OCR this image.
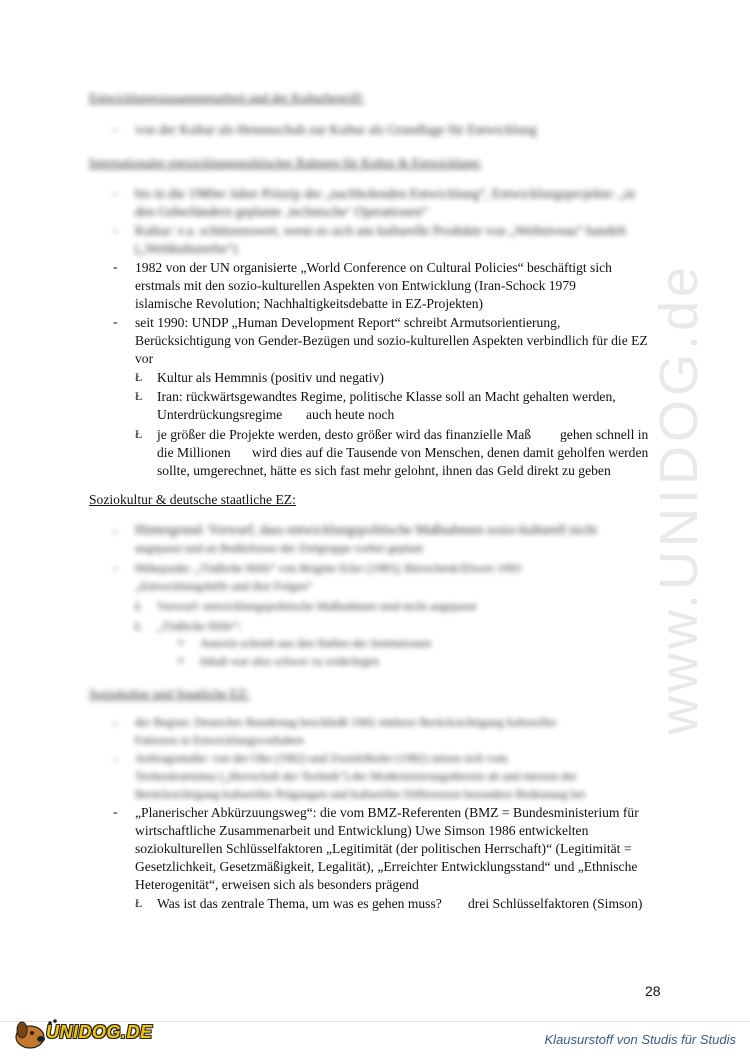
www.UNIDOG.de
Entwicklungszusammenarbeit und der Kulturbegriff:
- von der Kultur als Hemmschuh zur Kultur als Grundlage für Entwicklung
Internationaler entwicklungspolitischer Rahmen für Kultur & Entwicklung:
- bis in die 1980er Jahre Prinzip der „nachholenden Entwicklung“, Entwicklungsprojekte: „in
den Geberländern geplante ‚technische‘ Operationen“
- Kultur: v.a. schützenswert, wenn es sich um kulturelle Produkte von „Weltniveau“ handelt
(„Weltkulturerbe“)
- 1982 von der UN organisierte „World Conference on Cultural Policies“ beschäftigt sich
erstmals mit den sozio-kulturellen Aspekten von Entwicklung (Iran-Schock 1979
islamische Revolution; Nachhaltigkeitsdebatte in EZ-Projekten)
- seit 1990: UNDP „Human Development Report“ schreibt Armutsorientierung,
Berücksichtigung von Gender-Bezügen und sozio-kulturellen Aspekten verbindlich für die EZ
vor
Ł Kultur als Hemmnis (positiv und negativ)
Ł Iran: rückwärtsgewandtes Regime, politische Klasse soll an Macht gehalten werden,
Unterdrückungsregime auch heute noch
Ł je größer die Projekte werden, desto größer wird das finanzielle Maß gehen schnell in
die Millionen wird dies auf die Tausende von Menschen, denen damit geholfen werden
sollte, umgerechnet, hätte es sich fast mehr gelohnt, ihnen das Geld direkt zu geben
Soziokultur & deutsche staatliche EZ:
- Hintergrund: Vorwurf, dass entwicklungspolitische Maßnahmen sozio-kulturell nicht
angepasst und an Bedürfnisse der Zielgruppe vorbei geplant
- Höhepunkt: „Tödliche Hilfe“ von Brigitte Erler (1985); Bierschenk/Elwert 1993
„Entwicklungshilfe und ihre Folgen“
Ł Vorwurf: entwicklungspolitische Maßnahmen sind nicht angepasst
Ł „Tödliche Hilfe“:
o Autorin schrieb aus den Hallen der Institutionen
o Inhalt war also schwer zu widerlegen
Soziokultur und Staatliche EZ:
- der Beginn: Deutscher Bundestag beschließt 1982 stärkere Berücksichtigung kultureller
Faktoren in Entwicklungsvorhaben
- Auftragsstudie: von der Ohe (1982) und Zwiefelhofer (1982) setzen sich vom
Technokratismus („Herrschaft der Technik“) der Modernisierungstheorie ab und messen der
Berücksichtigung kultureller Prägungen und kultureller Differenzen besondere Bedeutung bei
- „Planerischer Abkürzuungsweg“: die vom BMZ-Referenten (BMZ = Bundesministerium für
wirtschaftliche Zusammenarbeit und Entwicklung) Uwe Simson 1986 entwickelten
soziokulturellen Schlüsselfaktoren „Legitimität (der politischen Herrschaft)“ (Legitimität =
Gesetzlichkeit, Gesetzmäßigkeit, Legalität), „Erreichter Entwicklungsstand“ und „Ethnische
Heterogenität“, erweisen sich als besonders prägend
Ł Was ist das zentrale Thema, um was es gehen muss? drei Schlüsselfaktoren (Simson)
28
UNIDOG.DE	Klausurstoff von Studis für Studis
